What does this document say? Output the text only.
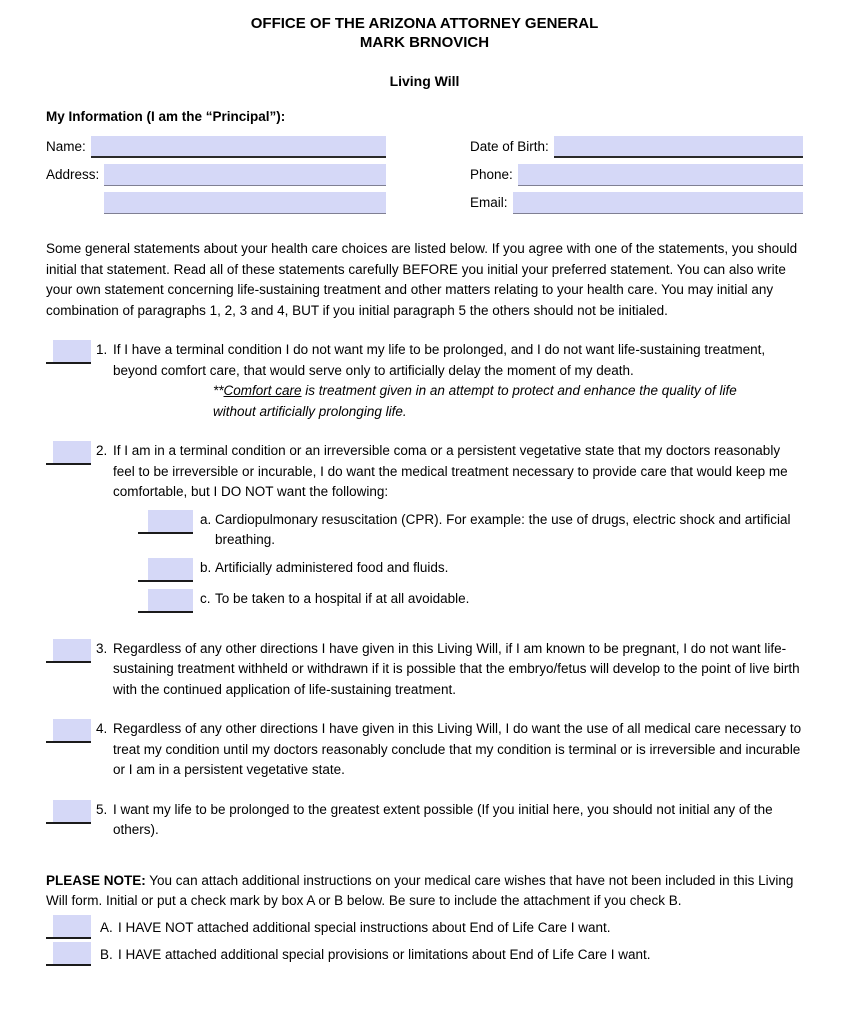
OFFICE OF THE ARIZONA ATTORNEY GENERAL
MARK BRNOVICH
Living Will
My Information (I am the “Principal”):
Name:
Address:
Date of Birth:
Phone:
Email:

Some general statements about your health care choices are listed below. If you agree with one of the statements, you should initial that statement. Read all of these statements carefully BEFORE you initial your preferred statement. You can also write your own statement concerning life-sustaining treatment and other matters relating to your health care. You may initial any combination of paragraphs 1, 2, 3 and 4, BUT if you initial paragraph 5 the others should not be initialed.

1. If I have a terminal condition I do not want my life to be prolonged, and I do not want life-sustaining treatment, beyond comfort care, that would serve only to artificially delay the moment of my death.
**Comfort care is treatment given in an attempt to protect and enhance the quality of life without artificially prolonging life.
2. If I am in a terminal condition or an irreversible coma or a persistent vegetative state that my doctors reasonably feel to be irreversible or incurable, I do want the medical treatment necessary to provide care that would keep me comfortable, but I DO NOT want the following:
a. Cardiopulmonary resuscitation (CPR). For example: the use of drugs, electric shock and artificial breathing.
b. Artificially administered food and fluids.
c. To be taken to a hospital if at all avoidable.
3. Regardless of any other directions I have given in this Living Will, if I am known to be pregnant, I do not want life-sustaining treatment withheld or withdrawn if it is possible that the embryo/fetus will develop to the point of live birth with the continued application of life-sustaining treatment.
4. Regardless of any other directions I have given in this Living Will, I do want the use of all medical care necessary to treat my condition until my doctors reasonably conclude that my condition is terminal or is irreversible and incurable or I am in a persistent vegetative state.
5. I want my life to be prolonged to the greatest extent possible (If you initial here, you should not initial any of the others).

PLEASE NOTE: You can attach additional instructions on your medical care wishes that have not been included in this Living Will form. Initial or put a check mark by box A or B below. Be sure to include the attachment if you check B.

A. I HAVE NOT attached additional special instructions about End of Life Care I want.
B. I HAVE attached additional special provisions or limitations about End of Life Care I want.
